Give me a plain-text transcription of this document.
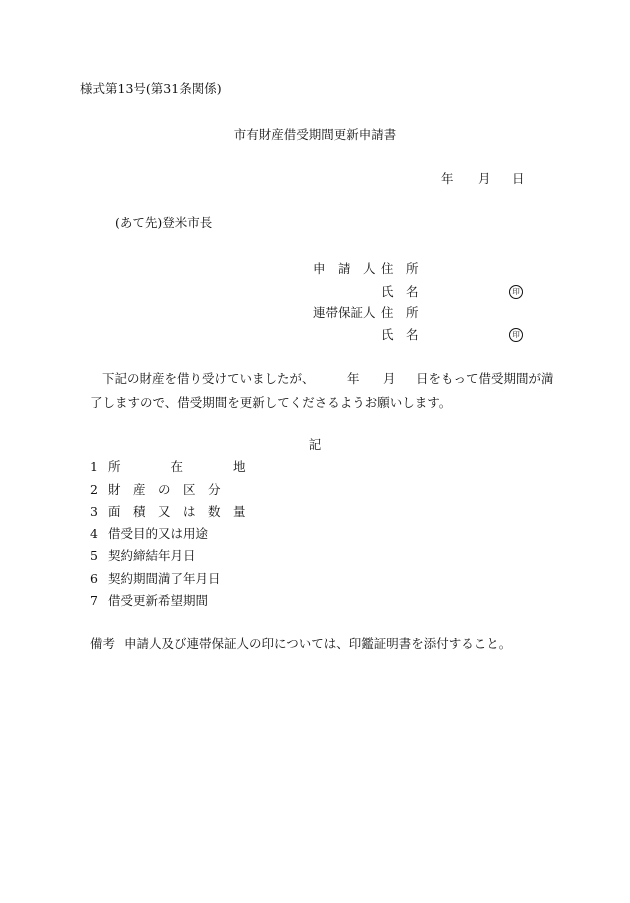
様式第13号(第31条関係)
市有財産借受期間更新申請書
年 月 日
(あて先)登米市長
申　請　人 住　所
氏　名	印
連帯保証人 住　所
氏　名	印
下記の財産を借り受けていましたが、	年 月 日をもって借受期間が満
了しますので、借受期間を更新してくださるようお願いします。
記
1 所　　　　在　　　　地
2 財　産　の　区　分
3 面　積　又　は　数　量
4 借受目的又は用途
5 契約締結年月日
6 契約期間満了年月日
7 借受更新希望期間
備考 申請人及び連帯保証人の印については、印鑑証明書を添付すること。
